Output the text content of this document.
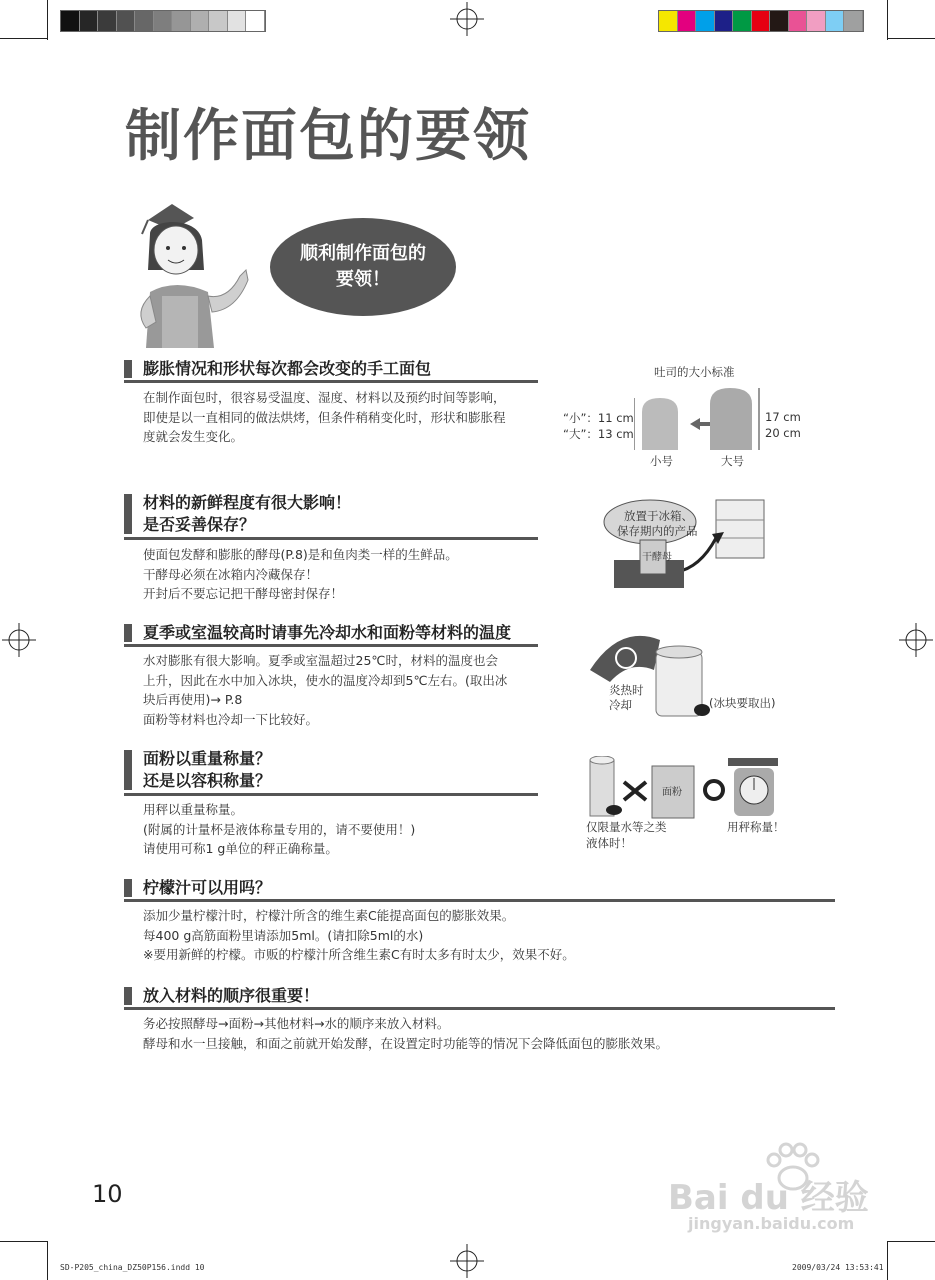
制作面包的要领
顺利制作面包的
要领！
膨胀情况和形状每次都会改变的手工面包
在制作面包时，很容易受温度、湿度、材料以及预约时间等影响，
即使是以一直相同的做法烘烤，但条件稍稍变化时，形状和膨胀程
度就会发生变化。
材料的新鲜程度有很大影响！
是否妥善保存？
使面包发酵和膨胀的酵母(P.8)是和鱼肉类一样的生鲜品。
干酵母必须在冰箱内冷藏保存！
开封后不要忘记把干酵母密封保存！
夏季或室温较高时请事先冷却水和面粉等材料的温度
水对膨胀有很大影响。夏季或室温超过25℃时，材料的温度也会
上升，因此在水中加入冰块，使水的温度冷却到5℃左右。(取出冰
块后再使用)→ P.8
面粉等材料也冷却一下比较好。
面粉以重量称量？
还是以容积称量？
用秤以重量称量。
(附属的计量杯是液体称量专用的，请不要使用！)
请使用可称1 g单位的秤正确称量。
柠檬汁可以用吗？
添加少量柠檬汁时，柠檬汁所含的维生素C能提高面包的膨胀效果。
每400 g高筋面粉里请添加5ml。(请扣除5ml的水)
※要用新鲜的柠檬。市贩的柠檬汁所含维生素C有时太多有时太少，效果不好。
放入材料的顺序很重要！
务必按照酵母→面粉→其他材料→水的顺序来放入材料。
酵母和水一旦接触，和面之前就开始发酵，在设置定时功能等的情况下会降低面包的膨胀效果。
吐司的大小标准
“小”：11 cm
“大”：13 cm
17 cm
20 cm
小号	大号
放置于冰箱、
保存期内的产品
干酵母
炎热时
冷却	(冰块要取出)
面粉
仅限量水等之类
液体时！
用秤称量！
10	Bai du 经验
jingyan.baidu.com
SD-P205_china_DZ50P156.indd 10	2009/03/24 13:53:41
